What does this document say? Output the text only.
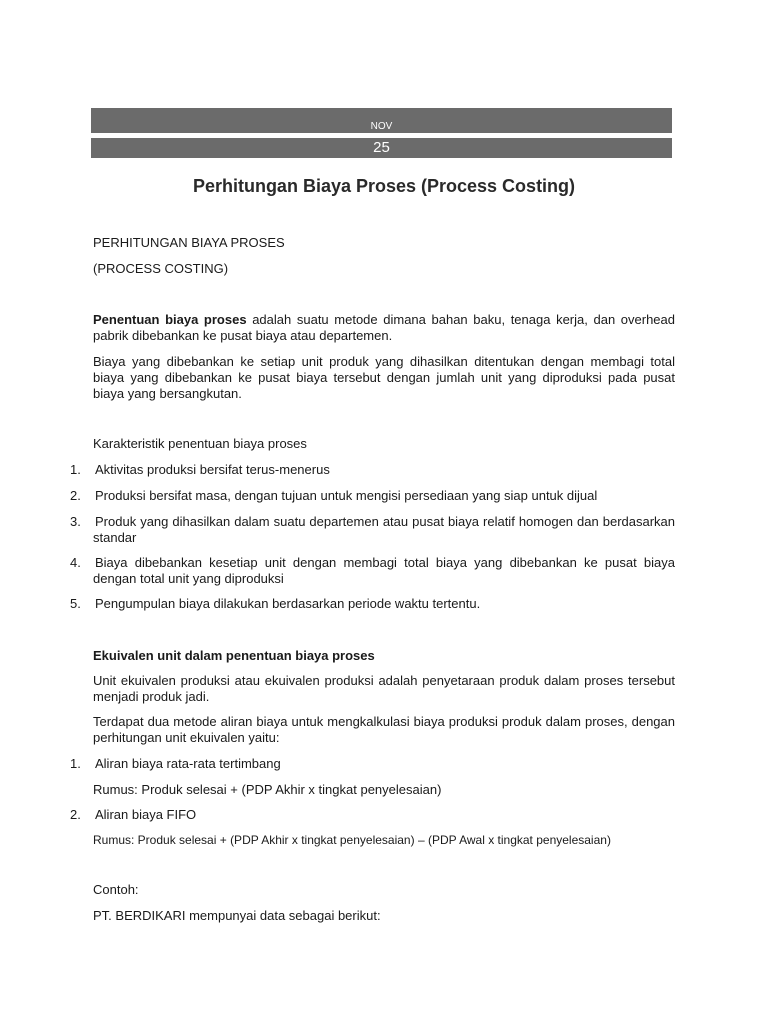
NOV
25
Perhitungan Biaya Proses (Process Costing)

PERHITUNGAN BIAYA PROSES

(PROCESS COSTING)

Penentuan biaya proses adalah suatu metode dimana bahan baku, tenaga kerja, dan overhead pabrik dibebankan ke pusat biaya atau departemen.

Biaya yang dibebankan ke setiap unit produk yang dihasilkan ditentukan dengan membagi total biaya yang dibebankan ke pusat biaya tersebut dengan jumlah unit yang diproduksi pada pusat biaya yang bersangkutan.

Karakteristik penentuan biaya proses

1. Aktivitas produksi bersifat terus-menerus

2. Produksi bersifat masa, dengan tujuan untuk mengisi persediaan yang siap untuk dijual

3. Produk yang dihasilkan dalam suatu departemen atau pusat biaya relatif homogen dan berdasarkan standar

4. Biaya dibebankan kesetiap unit dengan membagi total biaya yang dibebankan ke pusat biaya dengan total unit yang diproduksi

5. Pengumpulan biaya dilakukan berdasarkan periode waktu tertentu.

Ekuivalen unit dalam penentuan biaya proses

Unit ekuivalen produksi atau ekuivalen produksi adalah penyetaraan produk dalam proses tersebut menjadi produk jadi.

Terdapat dua metode aliran biaya untuk mengkalkulasi biaya produksi produk dalam proses, dengan perhitungan unit ekuivalen yaitu:

1. Aliran biaya rata-rata tertimbang

Rumus: Produk selesai + (PDP Akhir x tingkat penyelesaian)

2. Aliran biaya FIFO

Rumus: Produk selesai + (PDP Akhir x tingkat penyelesaian) – (PDP Awal x tingkat penyelesaian)

Contoh:

PT. BERDIKARI mempunyai data sebagai berikut:
